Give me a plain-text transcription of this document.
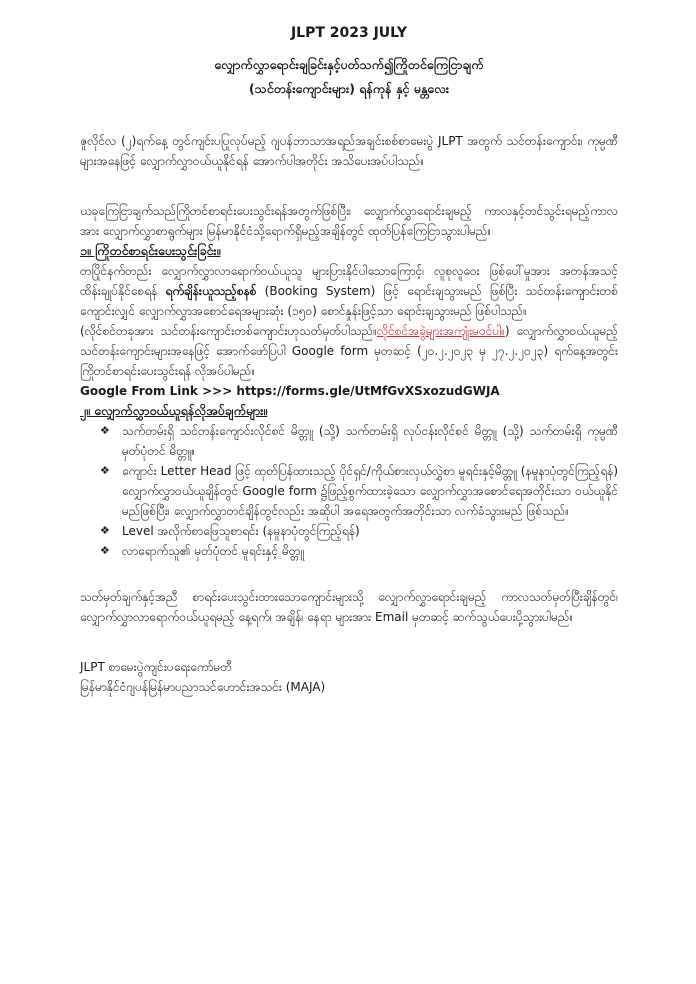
JLPT 2023 JULY

လျှောက်လွှာရောင်းချခြင်းနှင့်ပတ်သက်၍ကြိုတင်ကြေငြာချက်

(သင်တန်းကျောင်းများ) ရန်ကုန် နှင့် မန္တလေး

ဇူလိုင်လ (၂)ရက်နေ့ တွင်ကျင်းပပြုလုပ်မည့် ဂျပန်ဘာသာအရည်အချင်းစစ်စာမေးပွဲ JLPT အတွက် သင်တန်းကျောင်း၊ ကုမ္ပဏီများအနေဖြင့် လျှောက်လွှာဝယ်ယူနိုင်ရန် အောက်ပါအတိုင်း အသိပေးအပ်ပါသည်။

ယခုကြေငြာချက်သည်ကြိုတင်စာရင်းပေးသွင်းရန်အတွက်ဖြစ်ပြီး၊ လျှောက်လွှာရောင်းချမည့် ကာလနှင့်တင်သွင်းရမည့်ကာလအား လျှောက်လွှာစာရွက်များ မြန်မာနိုင်ငံသို့ရောက်ရှိမည့်အချိန်တွင် ထုတ်ပြန်ကြေငြာသွားပါမည်။

၁။ ကြိုတင်စာရင်းပေးသွင်းခြင်း။

တပြိုင်နက်တည်း လျှောက်လွှာလာရောက်ဝယ်ယူသူ များပြားနိုင်ပါသောကြောင့်၊ လူစုလူဝေး ဖြစ်ပေါ်မှုအား အတန်အသင့် ထိန်းချုပ်နိုင်စေရန် ရက်ချိန်းယူသည့်စနစ် (Booking System) ဖြင့် ရောင်းချသွားမည် ဖြစ်ပြီး သင်တန်းကျောင်းတစ်ကျောင်းလျှင် လျှောက်လွှာအစောင်ရေအများဆုံး (၁၅၀) စောင်နှုန်းဖြင့်သာ ရောင်းချသွားမည် ဖြစ်ပါသည်။

(လိုင်စင်တခုအား သင်တန်းကျောင်းတစ်ကျောင်းဟုသတ်မှတ်ပါသည်။လိုင်စင်အခွဲများအကျုံးမဝင်ပါ။) လျှောက်လွှာဝယ်ယူမည့် သင်တန်းကျောင်းများအနေဖြင့် အောက်ဖော်ပြပါ Google form မှတဆင့် (၂၀.၂.၂၀၂၃ မှ ၂၇.၂.၂၀၂၃) ရက်နေ့အတွင်း ကြိုတင်စာရင်းပေးသွင်းရန် လိုအပ်ပါမည်။

Google From Link >>> https://forms.gle/UtMfGvXSxozudGWJA

၂။ လျှောက်လွှာဝယ်ယူရန်လိုအပ်ချက်များ။

❖ သက်တမ်းရှိ သင်တန်းကျောင်းလိုင်စင် မိတ္တူ (သို့) သက်တမ်းရှိ လုပ်ငန်းလိုင်စင် မိတ္တူ (သို့) သက်တမ်းရှိ ကုမ္ပဏီမှတ်ပုံတင် မိတ္တူ။
❖ ကျောင်း Letter Head ဖြင့် ထုတ်ပြန်ထားသည့် ပိုင်ရှင်/ကိုယ်စားလှယ်လွှဲစာ မူရင်းနှင့်မိတ္တူ (နမူနာပုံတွင်ကြည့်ရန်) လျှောက်လွှာဝယ်ယူချိန်တွင် Google form ၌ဖြည့်စွက်ထားခဲ့သော လျှောက်လွှာအစောင်ရေအတိုင်းသာ ဝယ်ယူနိုင်မည်ဖြစ်ပြီး၊ လျှောက်လွှာတင်ချိန်တွင်လည်း အဆိုပါ အရေအတွက်အတိုင်းသာ လက်ခံသွားမည် ဖြစ်သည်။
❖ Level အလိုက်စာဖြေသူစာရင်း (နမူနာပုံတွင်ကြည့်ရန်)
❖ လာရောက်သူ၏ မှတ်ပုံတင် မူရင်းနှင့် မိတ္တူ

သတ်မှတ်ချက်နှင့်အညီ စာရင်းပေးသွင်းထားသောကျောင်းများသို့ လျှောက်လွှာရောင်းချမည့် ကာလသတ်မှတ်ပြီးချိန်တွင်၊ လျှောက်လွှာလာရောက်ဝယ်ယူရမည့် နေ့ရက်၊ အချိန်၊ နေရာ များအား Email မှတဆင့် ဆက်သွယ်ပေးပို့သွားပါမည်။

JLPT စာမေးပွဲကျင်းပရေးကော်မတီ

မြန်မာနိုင်ငံဂျပန်မြန်မာပညာသင်ဟောင်းအသင်း (MAJA)
